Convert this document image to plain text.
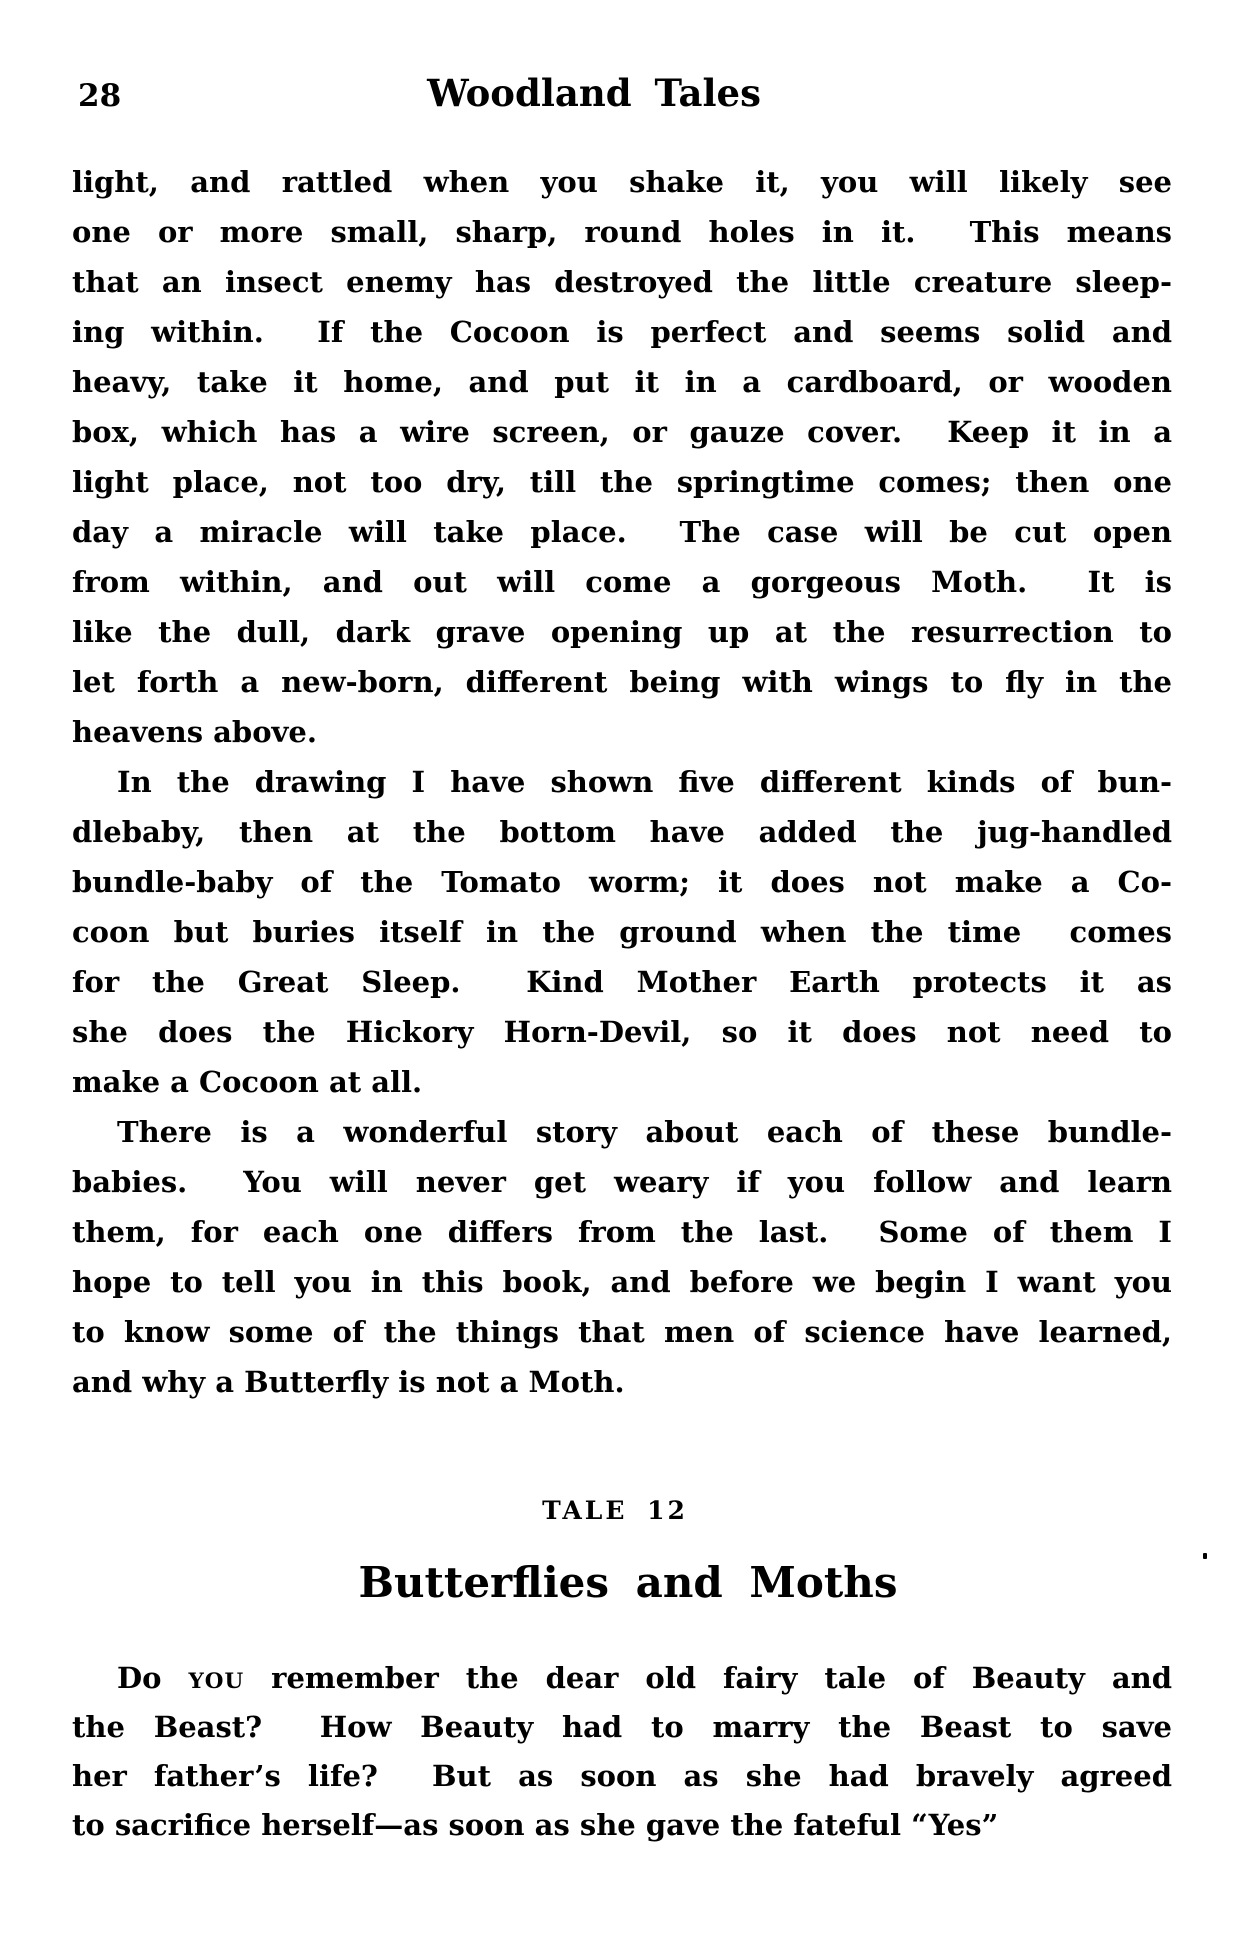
28	Woodland Tales
light, and rattled when you shake it, you will likely see
one or more small, sharp, round holes in it.  This means
that an insect enemy has destroyed the little creature sleep-
ing within.  If the Cocoon is perfect and seems solid and
heavy, take it home, and put it in a cardboard, or wooden
box, which has a wire screen, or gauze cover.  Keep it in a
light place, not too dry, till the springtime comes; then one
day a miracle will take place.  The case will be cut open
from within, and out will come a gorgeous Moth.  It is
like the dull, dark grave opening up at the resurrection to
let forth a new-born, different being with wings to fly in the
heavens above.
In the drawing I have shown five different kinds of bun-
dlebaby, then at the bottom have added the jug-handled
bundle-baby of the Tomato worm; it does not make a Co-
coon but buries itself in the ground when the time  comes
for the Great Sleep.  Kind Mother Earth protects it as
she does the Hickory Horn-Devil, so it does not need to
make a Cocoon at all.
There is a wonderful story about each of these bundle-
babies.  You will never get weary if you follow and learn
them, for each one differs from the last.  Some of them I
hope to tell you in this book, and before we begin I want you
to know some of the things that men of science have learned,
and why a Butterfly is not a Moth.
TALE 12
Butterflies and Moths
Do YOU remember the dear old fairy tale of Beauty and
the Beast?  How Beauty had to marry the Beast to save
her father’s life?  But as soon as she had bravely agreed
to sacrifice herself—as soon as she gave the fateful “Yes”
